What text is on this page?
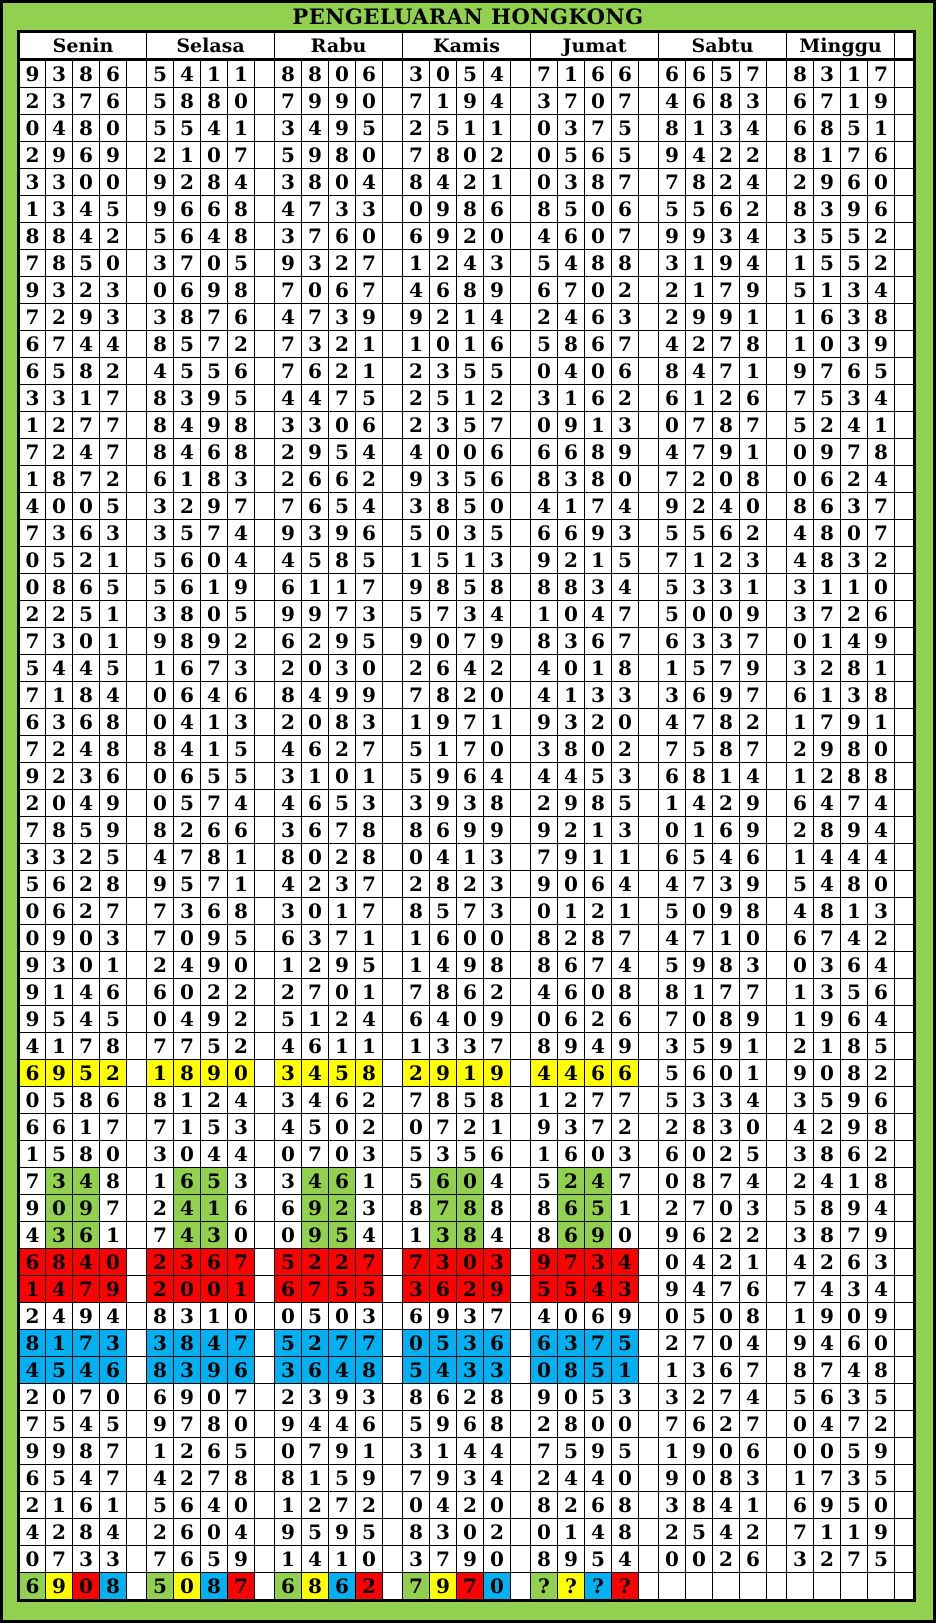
PENGELUARAN HONGKONG
Senin					Selasa					Rabu					Kamis					Jumat					Sabtu					Minggu				
9	3	8	6		5	4	1	1		8	8	0	6		3	0	5	4		7	1	6	6		6	6	5	7		8	3	1	7	
2	3	7	6		5	8	8	0		7	9	9	0		7	1	9	4		3	7	0	7		4	6	8	3		6	7	1	9	
0	4	8	0		5	5	4	1		3	4	9	5		2	5	1	1		0	3	7	5		8	1	3	4		6	8	5	1	
2	9	6	9		2	1	0	7		5	9	8	0		7	8	0	2		0	5	6	5		9	4	2	2		8	1	7	6	
3	3	0	0		9	2	8	4		3	8	0	4		8	4	2	1		0	3	8	7		7	8	2	4		2	9	6	0	
1	3	4	5		9	6	6	8		4	7	3	3		0	9	8	6		8	5	0	6		5	5	6	2		8	3	9	6	
8	8	4	2		5	6	4	8		3	7	6	0		6	9	2	0		4	6	0	7		9	9	3	4		3	5	5	2	
7	8	5	0		3	7	0	5		9	3	2	7		1	2	4	3		5	4	8	8		3	1	9	4		1	5	5	2	
9	3	2	3		0	6	9	8		7	0	6	7		4	6	8	9		6	7	0	2		2	1	7	9		5	1	3	4	
7	2	9	3		3	8	7	6		4	7	3	9		9	2	1	4		2	4	6	3		2	9	9	1		1	6	3	8	
6	7	4	4		8	5	7	2		7	3	2	1		1	0	1	6		5	8	6	7		4	2	7	8		1	0	3	9	
6	5	8	2		4	5	5	6		7	6	2	1		2	3	5	5		0	4	0	6		8	4	7	1		9	7	6	5	
3	3	1	7		8	3	9	5		4	4	7	5		2	5	1	2		3	1	6	2		6	1	2	6		7	5	3	4	
1	2	7	7		8	4	9	8		3	3	0	6		2	3	5	7		0	9	1	3		0	7	8	7		5	2	4	1	
7	2	4	7		8	4	6	8		2	9	5	4		4	0	0	6		6	6	8	9		4	7	9	1		0	9	7	8	
1	8	7	2		6	1	8	3		2	6	6	2		9	3	5	6		8	3	8	0		7	2	0	8		0	6	2	4	
4	0	0	5		3	2	9	7		7	6	5	4		3	8	5	0		4	1	7	4		9	2	4	0		8	6	3	7	
7	3	6	3		3	5	7	4		9	3	9	6		5	0	3	5		6	6	9	3		5	5	6	2		4	8	0	7	
0	5	2	1		5	6	0	4		4	5	8	5		1	5	1	3		9	2	1	5		7	1	2	3		4	8	3	2	
0	8	6	5		5	6	1	9		6	1	1	7		9	8	5	8		8	8	3	4		5	3	3	1		3	1	1	0	
2	2	5	1		3	8	0	5		9	9	7	3		5	7	3	4		1	0	4	7		5	0	0	9		3	7	2	6	
7	3	0	1		9	8	9	2		6	2	9	5		9	0	7	9		8	3	6	7		6	3	3	7		0	1	4	9	
5	4	4	5		1	6	7	3		2	0	3	0		2	6	4	2		4	0	1	8		1	5	7	9		3	2	8	1	
7	1	8	4		0	6	4	6		8	4	9	9		7	8	2	0		4	1	3	3		3	6	9	7		6	1	3	8	
6	3	6	8		0	4	1	3		2	0	8	3		1	9	7	1		9	3	2	0		4	7	8	2		1	7	9	1	
7	2	4	8		8	4	1	5		4	6	2	7		5	1	7	0		3	8	0	2		7	5	8	7		2	9	8	0	
9	2	3	6		0	6	5	5		3	1	0	1		5	9	6	4		4	4	5	3		6	8	1	4		1	2	8	8	
2	0	4	9		0	5	7	4		4	6	5	3		3	9	3	8		2	9	8	5		1	4	2	9		6	4	7	4	
7	8	5	9		8	2	6	6		3	6	7	8		8	6	9	9		9	2	1	3		0	1	6	9		2	8	9	4	
3	3	2	5		4	7	8	1		8	0	2	8		0	4	1	3		7	9	1	1		6	5	4	6		1	4	4	4	
5	6	2	8		9	5	7	1		4	2	3	7		2	8	2	3		9	0	6	4		4	7	3	9		5	4	8	0	
0	6	2	7		7	3	6	8		3	0	1	7		8	5	7	3		0	1	2	1		5	0	9	8		4	8	1	3	
0	9	0	3		7	0	9	5		6	3	7	1		1	6	0	0		8	2	8	7		4	7	1	0		6	7	4	2	
9	3	0	1		2	4	9	0		1	2	9	5		1	4	9	8		8	6	7	4		5	9	8	3		0	3	6	4	
9	1	4	6		6	0	2	2		2	7	0	1		7	8	6	2		4	6	0	8		8	1	7	7		1	3	5	6	
9	5	4	5		0	4	9	2		5	1	2	4		6	4	0	9		0	6	2	6		7	0	8	9		1	9	6	4	
4	1	7	8		7	7	5	2		4	6	1	1		1	3	3	7		8	9	4	9		3	5	9	1		2	1	8	5	
6	9	5	2		1	8	9	0		3	4	5	8		2	9	1	9		4	4	6	6		5	6	0	1		9	0	8	2	
0	5	8	6		8	1	2	4		3	4	6	2		7	8	5	8		1	2	7	7		5	3	3	4		3	5	9	6	
6	6	1	7		7	1	5	3		4	5	0	2		0	7	2	1		9	3	7	2		2	8	3	0		4	2	9	8	
1	5	8	0		3	0	4	4		0	7	0	3		5	3	5	6		1	6	0	3		6	0	2	5		3	8	6	2	
7	3	4	8		1	6	5	3		3	4	6	1		5	6	0	4		5	2	4	7		0	8	7	4		2	4	1	8	
9	0	9	7		2	4	1	6		6	9	2	3		8	7	8	8		8	6	5	1		2	7	0	3		5	8	9	4	
4	3	6	1		7	4	3	0		0	9	5	4		1	3	8	4		8	6	9	0		9	6	2	2		3	8	7	9	
6	8	4	0		2	3	6	7		5	2	2	7		7	3	0	3		9	7	3	4		0	4	2	1		4	2	6	3	
1	4	7	9		2	0	0	1		6	7	5	5		3	6	2	9		5	5	4	3		9	4	7	6		7	4	3	4	
2	4	9	4		8	3	1	0		0	5	0	3		6	9	3	7		4	0	6	9		0	5	0	8		1	9	0	9	
8	1	7	3		3	8	4	7		5	2	7	7		0	5	3	6		6	3	7	5		2	7	0	4		9	4	6	0	
4	5	4	6		8	3	9	6		3	6	4	8		5	4	3	3		0	8	5	1		1	3	6	7		8	7	4	8	
2	0	7	0		6	9	0	7		2	3	9	3		8	6	2	8		9	0	5	3		3	2	7	4		5	6	3	5	
7	5	4	5		9	7	8	0		9	4	4	6		5	9	6	8		2	8	0	0		7	6	2	7		0	4	7	2	
9	9	8	7		1	2	6	5		0	7	9	1		3	1	4	4		7	5	9	5		1	9	0	6		0	0	5	9	
6	5	4	7		4	2	7	8		8	1	5	9		7	9	3	4		2	4	4	0		9	0	8	3		1	7	3	5	
2	1	6	1		5	6	4	0		1	2	7	2		0	4	2	0		8	2	6	8		3	8	4	1		6	9	5	0	
4	2	8	4		2	6	0	4		9	5	9	5		8	3	0	2		0	1	4	8		2	5	4	2		7	1	1	9	
0	7	3	3		7	6	5	9		1	4	1	0		3	7	9	0		8	9	5	4		0	0	2	6		3	2	7	5	
6	9	0	8		5	0	8	7		6	8	6	2		7	9	7	0		?	?	?	?											
